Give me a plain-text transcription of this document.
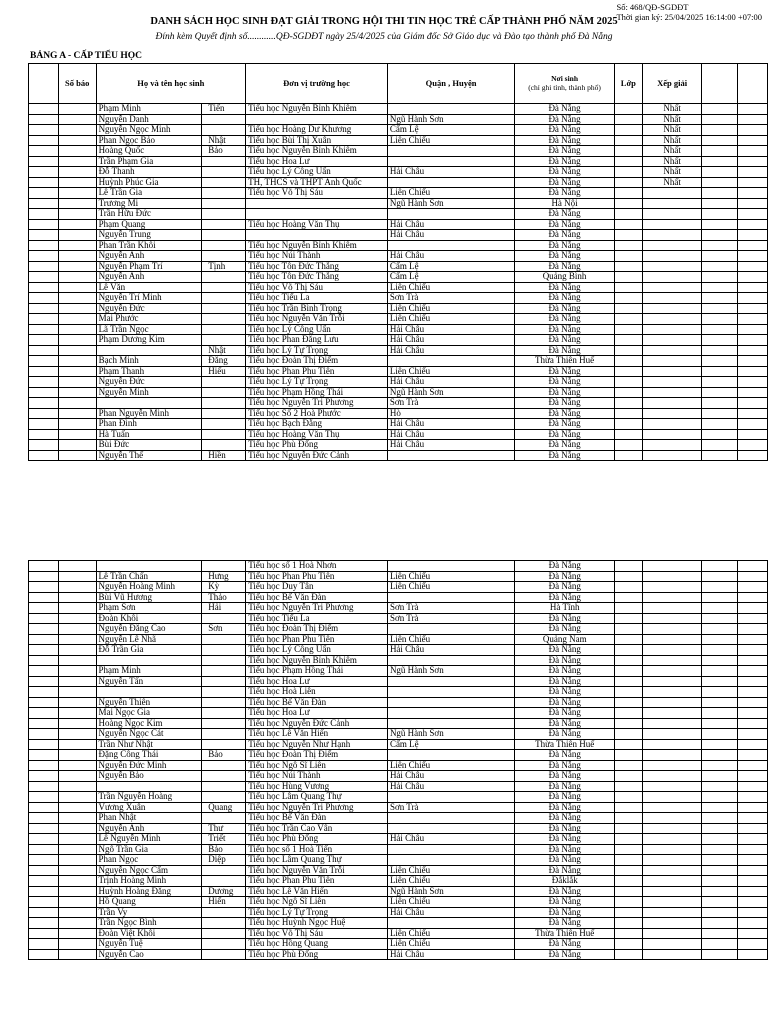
Số: 468/QĐ-SGDĐT
Thời gian ký: 25/04/2025 16:14:00 +07:00
DANH SÁCH HỌC SINH ĐẠT GIẢI TRONG HỘI THI TIN HỌC TRẺ CẤP THÀNH PHỐ NĂM 2025
Đính kèm Quyết định số............QĐ-SGDĐT ngày 25/4/2025 của Giám đốc Sở Giáo dục và Đào tạo thành phố Đà Nẵng
BẢNG A - CẤP TIỂU HỌC
	Số báo	Họ và tên học sinh		Đơn vị trường học	Quận , Huyện	Nơi sinh
(chỉ ghi tỉnh, thành phố)	Lớp	Xếp giải		
		Phạm Minh	Tiến	Tiểu học Nguyễn Bỉnh Khiêm		Đà Nẵng		Nhất		
		Nguyễn Danh			Ngũ Hành Sơn	Đà Nẵng		Nhất		
		Nguyễn Ngọc Minh		Tiểu học Hoàng Dư Khương	Cẩm Lệ	Đà Nẵng		Nhất		
		Phan Ngọc Bảo	Nhật	Tiểu học Bùi Thị Xuân	Liên Chiểu	Đà Nẵng		Nhất		
		Hoàng Quốc	Bảo	Tiểu học Nguyễn Bỉnh Khiêm		Đà Nẵng		Nhất		
		Trần Phạm Gia		Tiểu học Hoa Lư		Đà Nẵng		Nhất		
		Đỗ Thanh		Tiểu học Lý Công Uẩn	Hải Châu	Đà Nẵng		Nhất		
		Huỳnh Phúc Gia		TH, THCS và THPT Anh Quốc		Đà Nẵng		Nhất		
		Lê Trần Gia		Tiểu học Võ Thị Sáu	Liên Chiểu	Đà Nẵng				
		Trương Mi			Ngũ Hành Sơn	Hà Nội				
		Trần Hữu Đức				Đà Nẵng				
		Phạm Quang		Tiểu học Hoàng Văn Thụ	Hải Châu	Đà Nẵng				
		Nguyễn Trung			Hải Châu	Đà Nẵng				
		Phan Trần Khôi		Tiểu học Nguyễn Bỉnh Khiêm		Đà Nẵng				
		Nguyễn Anh		Tiểu học Núi Thành	Hải Châu	Đà Nẵng				
		Nguyễn Phạm Trí	Tịnh	Tiểu học Tôn Đức Thắng	Cẩm Lệ	Đà Nẵng				
		Nguyễn Anh		Tiểu học Tôn Đức Thắng	Cẩm Lệ	Quảng Bình				
		Lê Văn		Tiểu học Võ Thị Sáu	Liên Chiểu	Đà Nẵng				
		Nguyễn Trí Minh		Tiểu học Tiểu La	Sơn Trà	Đà Nẵng				
		Nguyễn Đức		Tiểu học Trần Bình Trọng	Liên Chiểu	Đà Nẵng				
		Mai Phước		Tiểu học Nguyễn Văn Trỗi	Liên Chiểu	Đà Nẵng				
		Lã Trần Ngọc		Tiểu học Lý Công Uẩn	Hải Châu	Đà Nẵng				
		Phạm Dương Kim		Tiểu học Phan Đăng Lưu	Hải Châu	Đà Nẵng				
			Nhật	Tiểu học Lý Tự Trọng	Hải Châu	Đà Nẵng				
		Bạch Minh	Đăng	Tiểu học Đoàn Thị Điểm		Thừa Thiên Huế				
		Phạm Thanh	Hiếu	Tiểu học Phan Phu Tiên	Liên Chiểu	Đà Nẵng				
		Nguyễn Đức		Tiểu học Lý Tự Trọng	Hải Châu	Đà Nẵng				
		Nguyễn Minh		Tiểu học Phạm Hồng Thái	Ngũ Hành Sơn	Đà Nẵng				
				Tiểu học Nguyễn Tri Phương	Sơn Trà	Đà Nẵng				
		Phan Nguyễn Minh		Tiểu học Số 2 Hoà Phước	Hò	Đà Nẵng				
		Phan Đình		Tiểu học Bạch Đằng	Hải Châu	Đà Nẵng				
		Hà Tuấn		Tiểu học Hoàng Văn Thụ	Hải Châu	Đà Nẵng				
		Bùi Đức		Tiểu học Phù Đổng	Hải Châu	Đà Nẵng				
		Nguyễn Thế	Hiền	Tiểu học Nguyễn Đức Cảnh		Đà Nẵng				
				Tiểu học số 1 Hoà Nhơn		Đà Nẵng				
		Lê Trần Chấn	Hưng	Tiểu học Phan Phu Tiên	Liên Chiểu	Đà Nẵng				
		Nguyễn Hoàng Minh	Kỳ	Tiểu học Duy Tân	Liên Chiểu	Đà Nẵng				
		Bùi Vũ Hương	Thảo	Tiểu học Bế Văn Đàn		Đà Nẵng				
		Phạm Sơn	Hải	Tiểu học Nguyễn Tri Phương	Sơn Trà	Hà Tĩnh				
		Đoàn Khôi		Tiểu học Tiểu La	Sơn Trà	Đà Nẵng				
		Nguyễn Đăng Cao	Sơn	Tiểu học Đoàn Thị Điểm		Đà Nẵng				
		Nguyễn Lê Nhã		Tiểu học Phan Phu Tiên	Liên Chiểu	Quảng Nam				
		Đỗ Trần Gia		Tiểu học Lý Công Uẩn	Hải Châu	Đà Nẵng				
				Tiểu học Nguyễn Bỉnh Khiêm		Đà Nẵng				
		Phạm Minh		Tiểu học Phạm Hồng Thái	Ngũ Hành Sơn	Đà Nẵng				
		Nguyễn Tấn		Tiểu học Hoa Lư		Đà Nẵng				
				Tiểu học Hoà Liên		Đà Nẵng				
		Nguyễn Thiên		Tiểu học Bế Văn Đàn		Đà Nẵng				
		Mai Ngọc Gia		Tiểu học Hoa Lư		Đà Nẵng				
		Hoàng Ngọc Kim		Tiểu học Nguyễn Đức Cảnh		Đà Nẵng				
		Nguyễn Ngọc Cát		Tiểu học Lê Văn Hiến	Ngũ Hành Sơn	Đà Nẵng				
		Trần Như Nhật		Tiểu học Nguyễn Như Hạnh	Cẩm Lệ	Thừa Thiên Huế				
		Đặng Công Thái	Bảo	Tiểu học Đoàn Thị Điểm		Đà Nẵng				
		Nguyễn Đức Minh		Tiểu học Ngô Sĩ Liên	Liên Chiểu	Đà Nẵng				
		Nguyễn Bảo		Tiểu học Núi Thành	Hải Châu	Đà Nẵng				
				Tiểu học Hùng Vương	Hải Châu	Đà Nẵng				
		Trần Nguyễn Hoàng		Tiểu học Lâm Quang Thự		Đà Nẵng				
		Vương Xuân	Quang	Tiểu học Nguyễn Tri Phương	Sơn Trà	Đà Nẵng				
		Phan Nhật		Tiểu học Bế Văn Đàn		Đà Nẵng				
		Nguyễn Anh	Thư	Tiểu học Trần Cao Vân		Đà Nẵng				
		Lê Nguyễn Minh	Triết	Tiểu học Phù Đổng	Hải Châu	Đà Nẵng				
		Ngô Trần Gia	Bảo	Tiểu học số 1 Hoà Tiến		Đà Nẵng				
		Phan Ngọc	Diệp	Tiểu học Lâm Quang Thự		Đà Nẵng				
		Nguyễn Ngọc Cẩm		Tiểu học Nguyễn Văn Trỗi	Liên Chiểu	Đà Nẵng				
		Trịnh Hoàng Minh		Tiểu học Phan Phu Tiên	Liên Chiểu	Đắklắk				
		Huỳnh Hoàng Đăng	Dương	Tiểu học Lê Văn Hiến	Ngũ Hành Sơn	Đà Nẵng				
		Hồ Quang	Hiển	Tiểu học Ngô Sĩ Liên	Liên Chiểu	Đà Nẵng				
		Trần Vy		Tiểu học Lý Tự Trọng	Hải Châu	Đà Nẵng				
		Trần Ngọc Bình		Tiểu học Huỳnh Ngọc Huệ		Đà Nẵng				
		Đoàn Việt Khôi		Tiểu học Võ Thị Sáu	Liên Chiểu	Thừa Thiên Huế				
		Nguyễn Tuệ		Tiểu học Hồng Quang	Liên Chiểu	Đà Nẵng				
		Nguyễn Cao		Tiểu học Phù Đổng	Hải Châu	Đà Nẵng				
